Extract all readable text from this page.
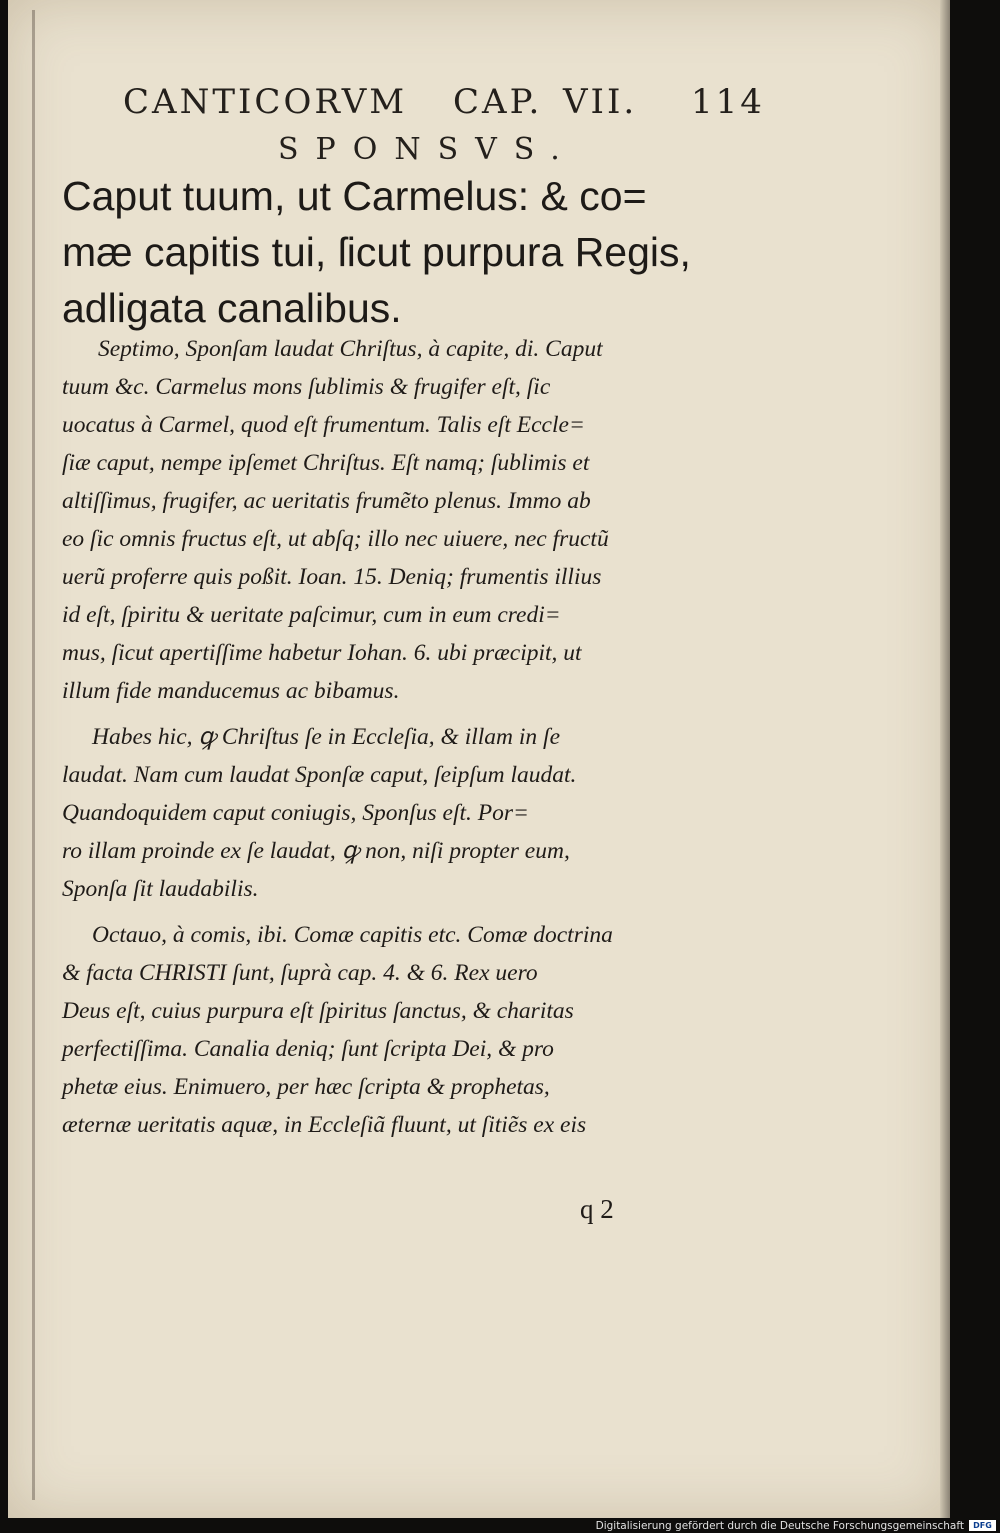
CANTICORVM CAP. VII. 114
SPONSVS.
Caput tuum, ut Carmelus: & co=
mæ capitis tui, ſicut purpura Regis,
adligata canalibus.
Septimo, Sponſam laudat Chriſtus, à capite, di. Caput
tuum &c. Carmelus mons ſublimis & frugifer eſt, ſic
uocatus à Carmel, quod eſt frumentum. Talis eſt Eccle=
ſiæ caput, nempe ipſemet Chriſtus. Eſt namq; ſublimis et
altiſſimus, frugifer, ac ueritatis frumẽto plenus. Immo ab
eo ſic omnis fructus eſt, ut abſq; illo nec uiuere, nec fructũ
uerũ proferre quis poßit. Ioan. 15. Deniq; frumentis illius
id eſt, ſpiritu & ueritate paſcimur, cum in eum credi=
mus, ſicut apertiſſime habetur Iohan. 6. ubi præcipit, ut
illum fide manducemus ac bibamus.
Habes hic, ꝙ Chriſtus ſe in Eccleſia, & illam in ſe
laudat. Nam cum laudat Sponſæ caput, ſeipſum laudat.
Quandoquidem caput coniugis, Sponſus eſt. Por=
ro illam proinde ex ſe laudat, ꝙ non, niſi propter eum,
Sponſa ſit laudabilis.
Octauo, à comis, ibi. Comæ capitis etc. Comæ doctrina
& facta CHRISTI ſunt, ſuprà cap. 4. & 6. Rex uero
Deus eſt, cuius purpura eſt ſpiritus ſanctus, & charitas
perfectiſſima. Canalia deniq; ſunt ſcripta Dei, & pro
phetæ eius. Enimuero, per hæc ſcripta & prophetas,
æternæ ueritatis aquæ, in Eccleſiã fluunt, ut ſitiẽs ex eis
q 2
Digitalisierung gefördert durch die Deutsche Forschungsgemeinschaft	DFG
